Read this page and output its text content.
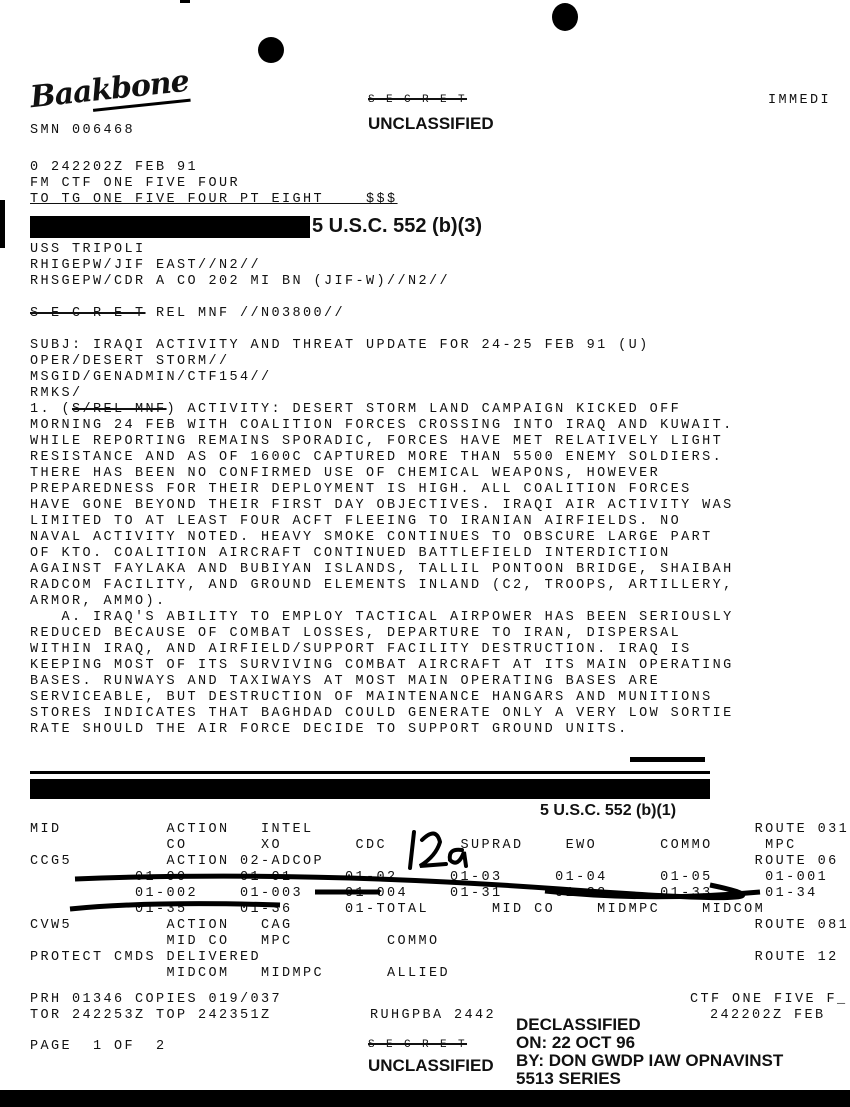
Baakbone	S E C R E T
UNCLASSIFIED
IMMEDI
SMN 006468
0 242202Z FEB 91
FM CTF ONE FIVE FOUR
TO TG ONE FIVE FOUR PT EIGHT    $$$
5 U.S.C. 552 (b)(3)
USS TRIPOLI
RHIGEPW/JIF EAST//N2//
RHSGEPW/CDR A CO 202 MI BN (JIF-W)//N2//
S E C R E T REL MNF //N03800//
SUBJ: IRAQI ACTIVITY AND THREAT UPDATE FOR 24-25 FEB 91 (U)
OPER/DESERT STORM//
MSGID/GENADMIN/CTF154//
RMKS/
1. (S/REL MNF) ACTIVITY: DESERT STORM LAND CAMPAIGN KICKED OFF
MORNING 24 FEB WITH COALITION FORCES CROSSING INTO IRAQ AND KUWAIT.
WHILE REPORTING REMAINS SPORADIC, FORCES HAVE MET RELATIVELY LIGHT
RESISTANCE AND AS OF 1600C CAPTURED MORE THAN 5500 ENEMY SOLDIERS.
THERE HAS BEEN NO CONFIRMED USE OF CHEMICAL WEAPONS, HOWEVER
PREPAREDNESS FOR THEIR DEPLOYMENT IS HIGH. ALL COALITION FORCES
HAVE GONE BEYOND THEIR FIRST DAY OBJECTIVES. IRAQI AIR ACTIVITY WAS
LIMITED TO AT LEAST FOUR ACFT FLEEING TO IRANIAN AIRFIELDS. NO
NAVAL ACTIVITY NOTED. HEAVY SMOKE CONTINUES TO OBSCURE LARGE PART
OF KTO. COALITION AIRCRAFT CONTINUED BATTLEFIELD INTERDICTION
AGAINST FAYLAKA AND BUBIYAN ISLANDS, TALLIL PONTOON BRIDGE, SHAIBAH
RADCOM FACILITY, AND GROUND ELEMENTS INLAND (C2, TROOPS, ARTILLERY,
ARMOR, AMMO).
A. IRAQ'S ABILITY TO EMPLOY TACTICAL AIRPOWER HAS BEEN SERIOUSLY
REDUCED BECAUSE OF COMBAT LOSSES, DEPARTURE TO IRAN, DISPERSAL
WITHIN IRAQ, AND AIRFIELD/SUPPORT FACILITY DESTRUCTION. IRAQ IS
KEEPING MOST OF ITS SURVIVING COMBAT AIRCRAFT AT ITS MAIN OPERATING
BASES. RUNWAYS AND TAXIWAYS AT MOST MAIN OPERATING BASES ARE
SERVICEABLE, BUT DESTRUCTION OF MAINTENANCE HANGARS AND MUNITIONS
STORES INDICATES THAT BAGHDAD COULD GENERATE ONLY A VERY LOW SORTIE
RATE SHOULD THE AIR FORCE DECIDE TO SUPPORT GROUND UNITS.
5 U.S.C. 552 (b)(1)
MID          ACTION   INTEL                                          ROUTE 031
CO       XO       CDC       SUPRAD    EWO      COMMO     MPC
CCG5         ACTION 02-ADCOP                                         ROUTE 06
01-00     01-01     01-02     01-03     01-04     01-05     01-001
01-002    01-003    01-004    01-31     01-32     01-33     01-34
01-35     01-36     01-TOTAL      MID CO    MIDMPC    MIDCOM
CVW5         ACTION   CAG                                            ROUTE 081
MID CO   MPC         COMMO
PROTECT CMDS DELIVERED                                               ROUTE 12
MIDCOM   MIDMPC      ALLIED
PRH 01346 COPIES 019/037
TOR 242253Z TOP 242351Z	RUHGPBA 2442
CTF ONE FIVE F_
242202Z FEB
PAGE  1 OF  2	S E C R E T
UNCLASSIFIED
DECLASSIFIED
ON: 22 OCT 96
BY: DON GWDP IAW OPNAVINST
5513 SERIES
